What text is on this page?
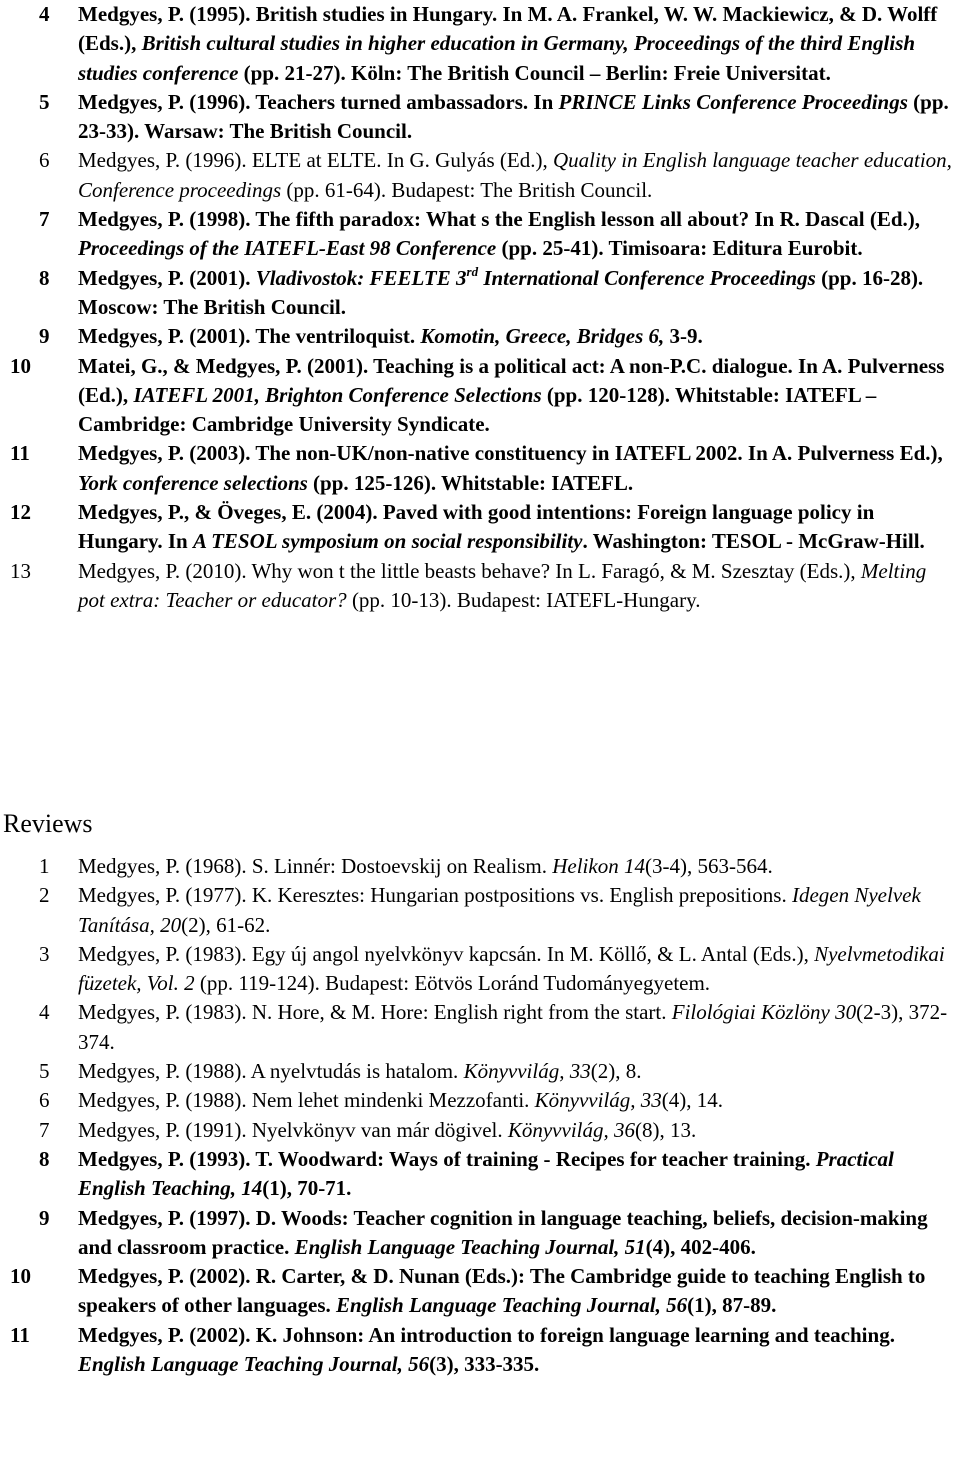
4	Medgyes, P. (1995). British studies in Hungary. In M. A. Frankel, W. W. Mackiewicz, & D. Wolff (Eds.), British cultural studies in higher education in Germany, Proceedings of the third English studies conference (pp. 21-27). Köln: The British Council – Berlin: Freie Universitat.
5	Medgyes, P. (1996). Teachers turned ambassadors. In PRINCE Links Conference Proceedings (pp. 23-33). Warsaw: The British Council.
6	Medgyes, P. (1996). ELTE at ELTE. In G. Gulyás (Ed.), Quality in English language teacher education, Conference proceedings (pp. 61-64). Budapest: The British Council.
7	Medgyes, P. (1998). The fifth paradox: What s the English lesson all about? In R. Dascal (Ed.), Proceedings of the IATEFL-East 98 Conference (pp. 25-41). Timisoara: Editura Eurobit.
8	Medgyes, P. (2001). Vladivostok: FEELTE 3rd International Conference Proceedings (pp. 16-28). Moscow: The British Council.
9	Medgyes, P. (2001). The ventriloquist. Komotin, Greece, Bridges 6, 3-9.
10	Matei, G., & Medgyes, P. (2001). Teaching is a political act: A non-P.C. dialogue. In A. Pulverness (Ed.), IATEFL 2001, Brighton Conference Selections (pp. 120-128). Whitstable: IATEFL – Cambridge: Cambridge University Syndicate.
11	Medgyes, P. (2003). The non-UK/non-native constituency in IATEFL 2002. In A. Pulverness Ed.), York conference selections (pp. 125-126). Whitstable: IATEFL.
12	Medgyes, P., & Öveges, E. (2004). Paved with good intentions: Foreign language policy in Hungary. In A TESOL symposium on social responsibility. Washington: TESOL - McGraw-Hill.
13	Medgyes, P. (2010). Why won t the little beasts behave? In L. Faragó, & M. Szesztay (Eds.), Melting pot extra: Teacher or educator? (pp. 10-13). Budapest: IATEFL-Hungary.
Reviews
1	Medgyes, P. (1968). S. Linnér: Dostoevskij on Realism. Helikon 14(3-4), 563-564.
2	Medgyes, P. (1977). K. Keresztes: Hungarian postpositions vs. English prepositions. Idegen Nyelvek Tanítása, 20(2), 61-62.
3	Medgyes, P. (1983). Egy új angol nyelvkönyv kapcsán. In M. Köllő, & L. Antal (Eds.), Nyelvmetodikai füzetek, Vol. 2 (pp. 119-124). Budapest: Eötvös Loránd Tudományegyetem.
4	Medgyes, P. (1983). N. Hore, & M. Hore: English right from the start. Filológiai Közlöny 30(2-3), 372-374.
5	Medgyes, P. (1988). A nyelvtudás is hatalom. Könyvvilág, 33(2), 8.
6	Medgyes, P. (1988). Nem lehet mindenki Mezzofanti. Könyvvilág, 33(4), 14.
7	Medgyes, P. (1991). Nyelvkönyv van már dögivel. Könyvvilág, 36(8), 13.
8	Medgyes, P. (1993). T. Woodward: Ways of training - Recipes for teacher training. Practical English Teaching, 14(1), 70-71.
9	Medgyes, P. (1997). D. Woods: Teacher cognition in language teaching, beliefs, decision-making and classroom practice. English Language Teaching Journal, 51(4), 402-406.
10	Medgyes, P. (2002). R. Carter, & D. Nunan (Eds.): The Cambridge guide to teaching English to speakers of other languages. English Language Teaching Journal, 56(1), 87-89.
11	Medgyes, P. (2002). K. Johnson: An introduction to foreign language learning and teaching. English Language Teaching Journal, 56(3), 333-335.
